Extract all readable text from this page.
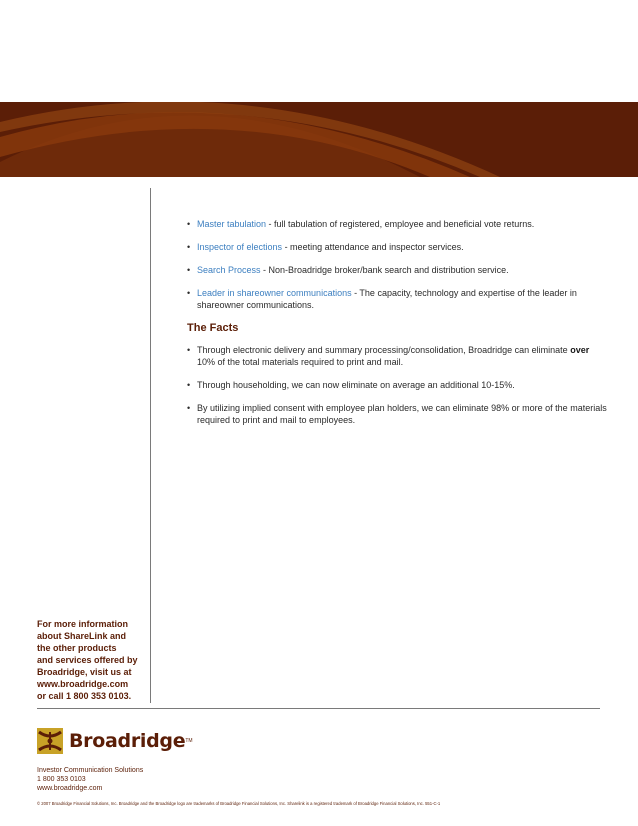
• Master tabulation - full tabulation of registered, employee and beneficial vote returns.
• Inspector of elections - meeting attendance and inspector services.
• Search Process - Non-Broadridge broker/bank search and distribution service.
• Leader in shareowner communications - The capacity, technology and expertise of the leader in shareowner communications.
The Facts
• Through electronic delivery and summary processing/consolidation, Broadridge can eliminate over 10% of the total materials required to print and mail.
• Through householding, we can now eliminate on average an additional 10-15%.
• By utilizing implied consent with employee plan holders, we can eliminate 98% or more of the materials required to print and mail to employees.
For more information
about ShareLink and
the other products
and services offered by
Broadridge, visit us at
www.broadridge.com
or call 1 800 353 0103.
Broadridge TM
Investor Communication Solutions
1 800 353 0103
www.broadridge.com
© 2007 Broadridge Financial Solutions, Inc. Broadridge and the Broadridge logo are trademarks of Broadridge Financial Solutions, Inc. Sharelink is a registered trademark of Broadridge Financial Solutions, Inc. 551-C-1
